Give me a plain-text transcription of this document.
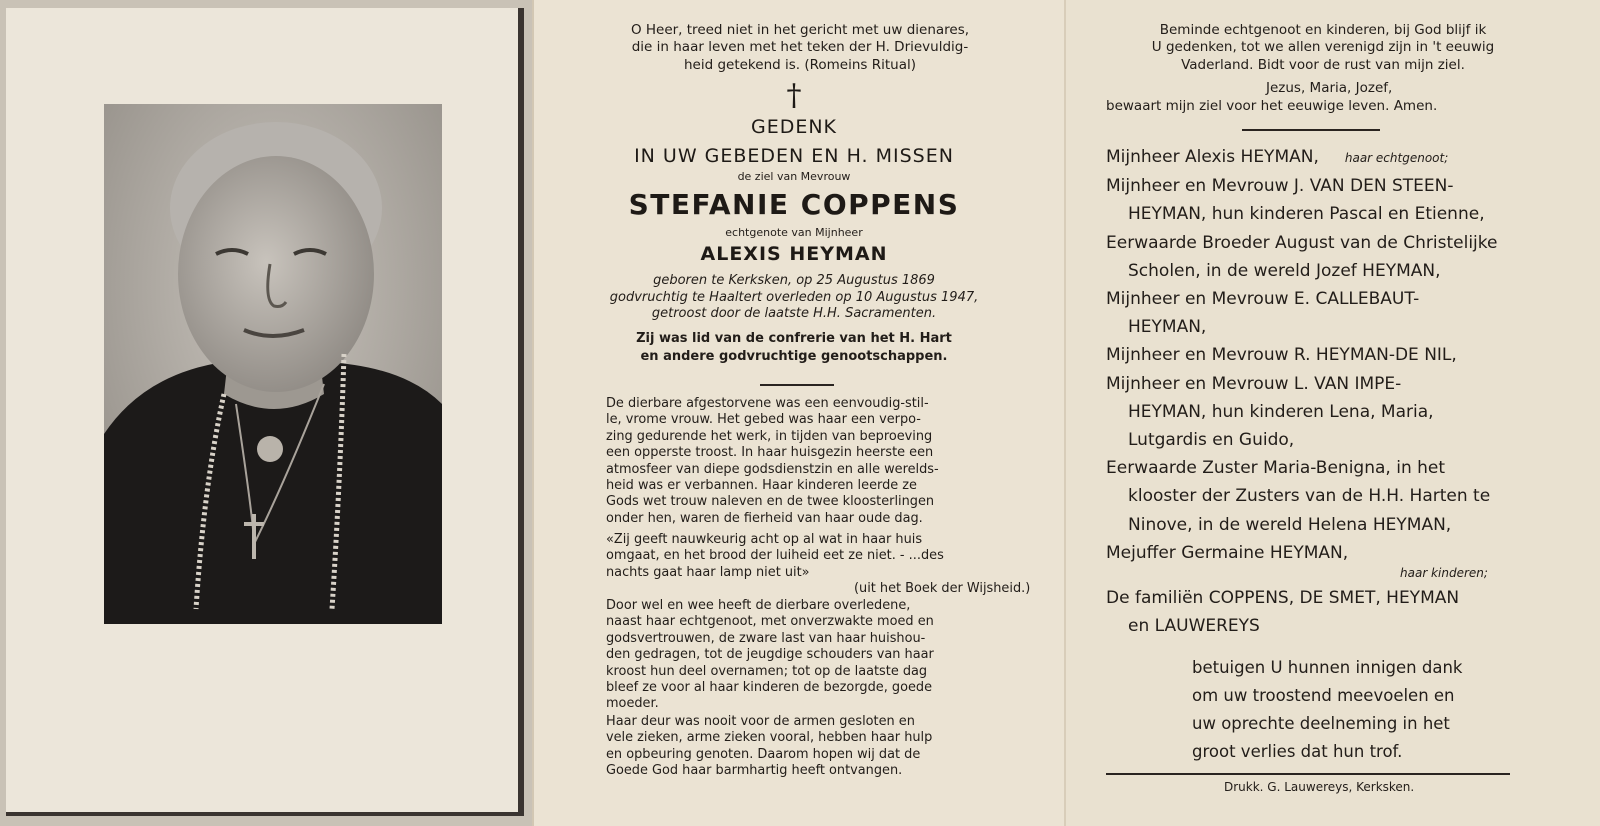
O Heer, treed niet in het gericht met uw dienares,
die in haar leven met het teken der H. Drievuldig-
heid getekend is. (Romeins Ritual)
†
GEDENK
IN UW GEBEDEN EN H. MISSEN
de ziel van Mevrouw
STEFANIE COPPENS
echtgenote van Mijnheer
ALEXIS HEYMAN
geboren te Kerksken, op 25 Augustus 1869
godvruchtig te Haaltert overleden op 10 Augustus 1947,
getroost door de laatste H.H. Sacramenten.
Zij was lid van de confrerie van het H. Hart
en andere godvruchtige genootschappen.
De dierbare afgestorvene was een eenvoudig-stil-
le, vrome vrouw. Het gebed was haar een verpo-
zing gedurende het werk, in tijden van beproeving
een opperste troost. In haar huisgezin heerste een
atmosfeer van diepe godsdienstzin en alle werelds-
heid was er verbannen. Haar kinderen leerde ze
Gods wet trouw naleven en de twee kloosterlingen
onder hen, waren de fierheid van haar oude dag.
«Zij geeft nauwkeurig acht op al wat in haar huis
omgaat, en het brood der luiheid eet ze niet. - ...des
nachts gaat haar lamp niet uit»
(uit het Boek der Wijsheid.)
Door wel en wee heeft de dierbare overledene,
naast haar echtgenoot, met onverzwakte moed en
godsvertrouwen, de zware last van haar huishou-
den gedragen, tot de jeugdige schouders van haar
kroost hun deel overnamen; tot op de laatste dag
bleef ze voor al haar kinderen de bezorgde, goede
moeder.
Haar deur was nooit voor de armen gesloten en
vele zieken, arme zieken vooral, hebben haar hulp
en opbeuring genoten. Daarom hopen wij dat de
Goede God haar barmhartig heeft ontvangen.
Beminde echtgenoot en kinderen, bij God blijf ik
U gedenken, tot we allen verenigd zijn in 't eeuwig
Vaderland. Bidt voor de rust van mijn ziel.
Jezus, Maria, Jozef,
bewaart mijn ziel voor het eeuwige leven. Amen.
Mijnheer Alexis HEYMAN, haar echtgenoot;
Mijnheer en Mevrouw J. VAN DEN STEEN-
HEYMAN, hun kinderen Pascal en Etienne,
Eerwaarde Broeder August van de Christelijke
Scholen, in de wereld Jozef HEYMAN,
Mijnheer en Mevrouw E. CALLEBAUT-
HEYMAN,
Mijnheer en Mevrouw R. HEYMAN-DE NIL,
Mijnheer en Mevrouw L. VAN IMPE-
HEYMAN, hun kinderen Lena, Maria,
Lutgardis en Guido,
Eerwaarde Zuster Maria-Benigna, in het
klooster der Zusters van de H.H. Harten te
Ninove, in de wereld Helena HEYMAN,
Mejuffer Germaine HEYMAN,
haar kinderen;
De familiën COPPENS, DE SMET, HEYMAN
en LAUWEREYS
betuigen U hunnen innigen dank
om uw troostend meevoelen en
uw oprechte deelneming in het
groot verlies dat hun trof.
Drukk. G. Lauwereys, Kerksken.
